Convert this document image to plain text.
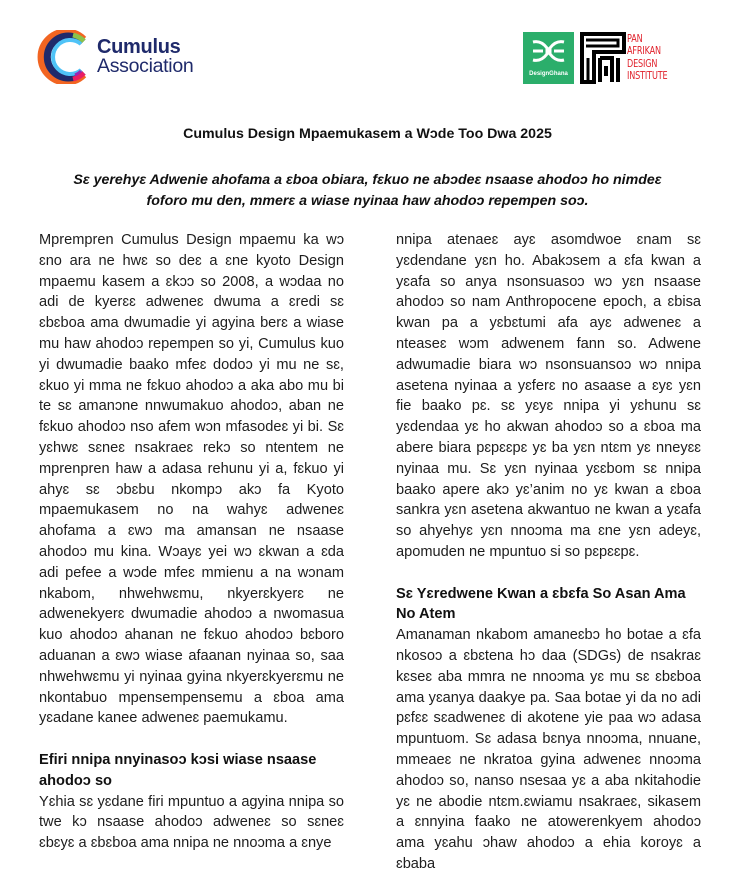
Cumulus
Association	DesignGhana
PAN
AFRIKAN
DESIGN
INSTITUTE
Cumulus Design Mpaemukasem a Wɔde Too Dwa 2025
Sɛ yerehyɛ Adwenie ahofama a ɛboa obiara, fɛkuo ne abɔdeɛ nsaase ahodoɔ ho nimdeɛ foforo mu den, mmerɛ a wiase nyinaa haw ahodoɔ repempen soɔ.

Mprempren Cumulus Design mpaemu ka wɔ ɛno ara ne hwɛ so deɛ a ɛne kyoto Design mpaemu kasem a ɛkɔɔ so 2008, a wɔdaa no adi de kyerɛɛ adweneɛ dwuma a ɛredi sɛ ɛbɛboa ama dwumadie yi agyina berɛ a wiase mu haw ahodoɔ repempen so yi, Cumulus kuo yi dwumadie baako mfeɛ dodoɔ yi mu ne sɛ, ɛkuo yi mma ne fɛkuo ahodoɔ a aka abo mu bi te sɛ amanɔne nnwumakuo ahodoɔ, aban ne fɛkuo ahodoɔ nso afem wɔn mfasodeɛ yi bi. Sɛ yɛhwɛ sɛneɛ nsakraeɛ rekɔ so ntentem ne mprenpren haw a adasa rehunu yi a, fɛkuo yi ahyɛ sɛ ɔbɛbu nkompɔ akɔ fa Kyoto mpaemukasem no na wahyɛ adweneɛ ahofama a ɛwɔ ma amansan ne nsaase ahodoɔ mu kina. Wɔayɛ yei wɔ ɛkwan a ɛda adi pefee a wɔde mfeɛ mmienu a na wɔnam nkabom, nhwehwɛmu, nkyerɛkyerɛ ne adwenekyerɛ dwumadie ahodoɔ a nwomasua kuo ahodoɔ ahanan ne fɛkuo ahodoɔ bɛboro aduanan a ɛwɔ wiase afaanan nyinaa so, saa nhwehwɛmu yi nyinaa gyina nkyerɛkyerɛmu ne nkontabuo mpensempensemu a ɛboa ama yɛadane kanee adweneɛ paemukamu.

Efiri nnipa nnyinasoɔ kɔsi wiase nsaase ahodoɔ so

Yɛhia sɛ yɛdane firi mpuntuo a agyina nnipa so twe kɔ nsaase ahodoɔ adweneɛ so sɛneɛ ɛbɛyɛ a ɛbɛboa ama nnipa ne nnoɔma a ɛnye

nnipa atenaeɛ ayɛ asomdwoe ɛnam sɛ yɛdendane yɛn ho. Abakɔsem a ɛfa kwan a yɛafa so anya nsonsuasoɔ wɔ yɛn nsaase ahodoɔ so nam Anthropocene epoch, a ɛbisa kwan pa a yɛbɛtumi afa ayɛ adweneɛ a nteaseɛ wɔm adwenem fann so. Adwene adwumadie biara wɔ nsonsuansoɔ wɔ nnipa asetena nyinaa a yɛferɛ no asaase a ɛyɛ yɛn fie baako pɛ. sɛ yɛyɛ nnipa yi yɛhunu sɛ yɛdendaa yɛ ho akwan ahodoɔ so a ɛboa ma abere biara pɛpɛɛpɛ yɛ ba yɛn ntɛm yɛ nneyɛɛ nyinaa mu. Sɛ yɛn nyinaa yɛɛbom sɛ nnipa baako apere akɔ yɛ’anim no yɛ kwan a ɛboa sankra yɛn asetena akwantuo ne kwan a yɛafa so ahyehyɛ yɛn nnoɔma ma ɛne yɛn adeyɛ, apomuden ne mpuntuo si so pɛpɛɛpɛ.

Sɛ Yɛredwene Kwan a ɛbɛfa So Asan Ama No Atem

Amanaman nkabom amaneɛbɔ ho botae a ɛfa nkosoɔ a ɛbɛtena hɔ daa (SDGs) de nsakraɛ kɛseɛ aba mmra ne nnoɔma yɛ mu sɛ ɛbɛboa ama yɛanya daakye pa. Saa botae yi da no adi pɛfɛɛ sɛadweneɛ di akotene yie paa wɔ adasa mpuntuom. Sɛ adasa bɛnya nnoɔma, nnuane, mmeaeɛ ne nkratoa gyina adweneɛ nnoɔma ahodoɔ so, nanso nsesaa yɛ a aba nkitahodie yɛ ne abodie ntɛm.ɛwiamu nsakraeɛ, sikasem a ɛnnyina faako ne atowerenkyem ahodoɔ ama yɛahu ɔhaw ahodoɔ a ehia koroyɛ a ɛbaba
